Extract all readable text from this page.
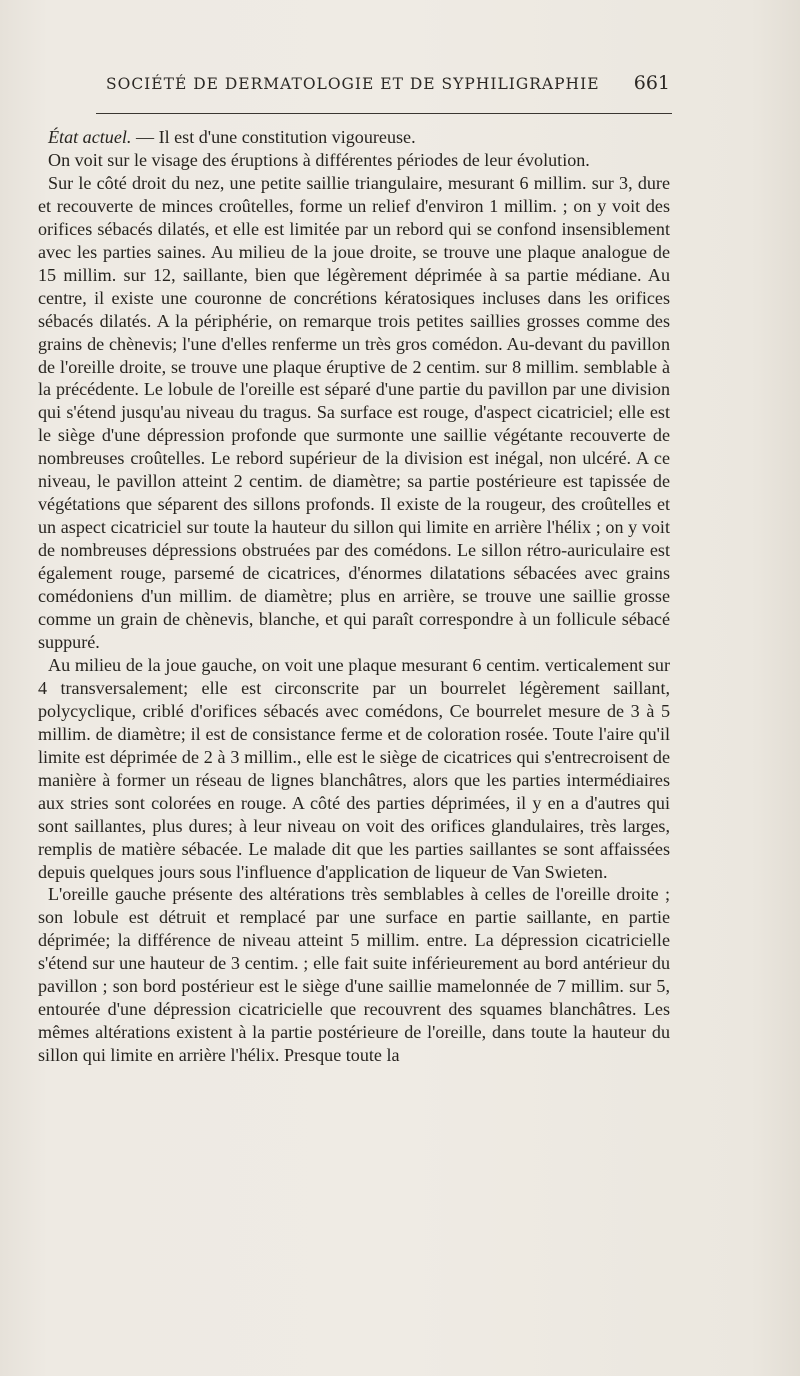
SOCIÉTÉ DE DERMATOLOGIE ET DE SYPHILIGRAPHIE 661

État actuel. — Il est d'une constitution vigoureuse.

On voit sur le visage des éruptions à différentes périodes de leur évolution.

Sur le côté droit du nez, une petite saillie triangulaire, mesurant 6 millim. sur 3, dure et recouverte de minces croûtelles, forme un relief d'environ 1 millim. ; on y voit des orifices sébacés dilatés, et elle est limitée par un rebord qui se confond insensiblement avec les parties saines. Au milieu de la joue droite, se trouve une plaque analogue de 15 millim. sur 12, saillante, bien que légèrement déprimée à sa partie médiane. Au centre, il existe une couronne de concrétions kératosiques incluses dans les orifices sébacés dilatés. A la périphérie, on remarque trois petites saillies grosses comme des grains de chènevis; l'une d'elles renferme un très gros comédon. Au-devant du pavillon de l'oreille droite, se trouve une plaque éruptive de 2 centim. sur 8 millim. semblable à la précédente. Le lobule de l'oreille est séparé d'une partie du pavillon par une division qui s'étend jusqu'au niveau du tragus. Sa surface est rouge, d'aspect cicatriciel; elle est le siège d'une dépression profonde que surmonte une saillie végétante recouverte de nombreuses croûtelles. Le rebord supérieur de la division est inégal, non ulcéré. A ce niveau, le pavillon atteint 2 centim. de diamètre; sa partie postérieure est tapissée de végétations que séparent des sillons profonds. Il existe de la rougeur, des croûtelles et un aspect cicatriciel sur toute la hauteur du sillon qui limite en arrière l'hélix ; on y voit de nombreuses dépressions obstruées par des comédons. Le sillon rétro-auriculaire est également rouge, parsemé de cicatrices, d'énormes dilatations sébacées avec grains comédoniens d'un millim. de diamètre; plus en arrière, se trouve une saillie grosse comme un grain de chènevis, blanche, et qui paraît correspondre à un follicule sébacé suppuré.

Au milieu de la joue gauche, on voit une plaque mesurant 6 centim. verticalement sur 4 transversalement; elle est circonscrite par un bourrelet légèrement saillant, polycyclique, criblé d'orifices sébacés avec comédons, Ce bourrelet mesure de 3 à 5 millim. de diamètre; il est de consistance ferme et de coloration rosée. Toute l'aire qu'il limite est déprimée de 2 à 3 millim., elle est le siège de cicatrices qui s'entrecroisent de manière à former un réseau de lignes blanchâtres, alors que les parties intermédiaires aux stries sont colorées en rouge. A côté des parties déprimées, il y en a d'autres qui sont saillantes, plus dures; à leur niveau on voit des orifices glandulaires, très larges, remplis de matière sébacée. Le malade dit que les parties saillantes se sont affaissées depuis quelques jours sous l'influence d'application de liqueur de Van Swieten.

L'oreille gauche présente des altérations très semblables à celles de l'oreille droite ; son lobule est détruit et remplacé par une surface en partie saillante, en partie déprimée; la différence de niveau atteint 5 millim. entre. La dépression cicatricielle s'étend sur une hauteur de 3 centim. ; elle fait suite inférieurement au bord antérieur du pavillon ; son bord postérieur est le siège d'une saillie mamelonnée de 7 millim. sur 5, entourée d'une dépression cicatricielle que recouvrent des squames blanchâtres. Les mêmes altérations existent à la partie postérieure de l'oreille, dans toute la hauteur du sillon qui limite en arrière l'hélix. Presque toute la
